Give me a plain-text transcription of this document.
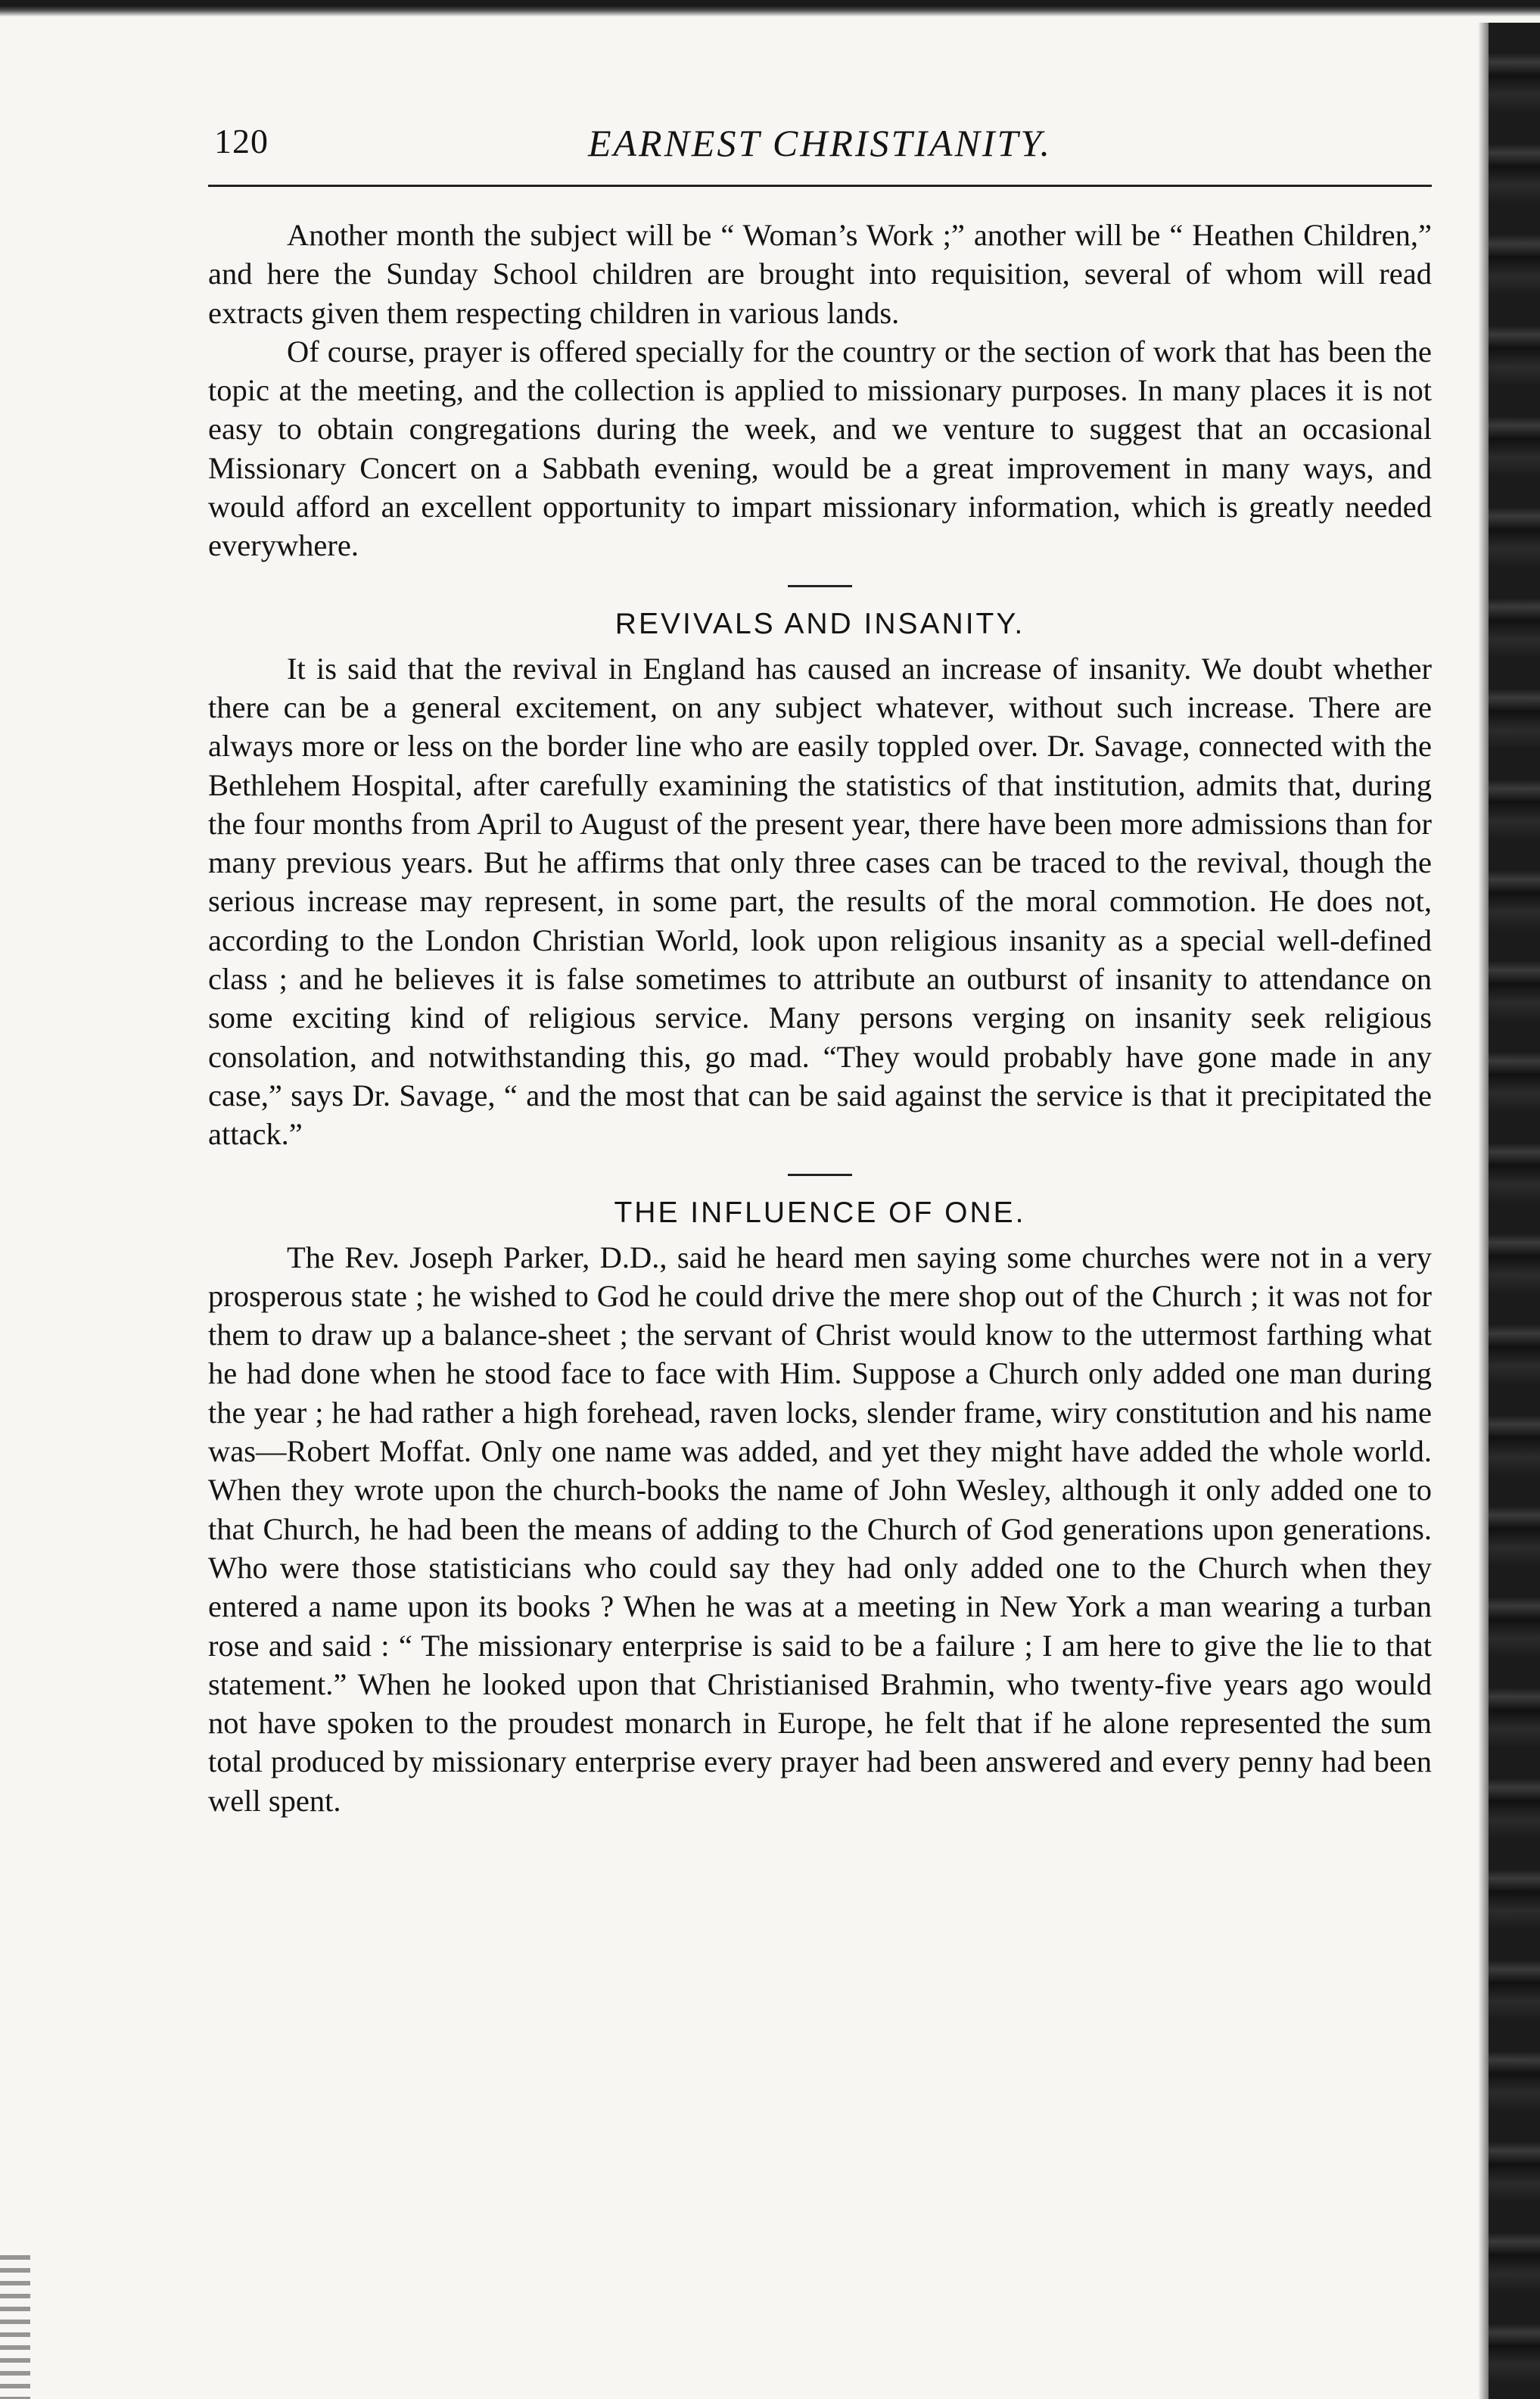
120	EARNEST CHRISTIANITY.

Another month the subject will be “ Woman’s Work ;” another will be “ Heathen Children,” and here the Sunday School children are brought into requisition, several of whom will read extracts given them respecting children in various lands.

Of course, prayer is offered specially for the country or the section of work that has been the topic at the meeting, and the collection is applied to missionary purposes. In many places it is not easy to obtain congregations during the week, and we venture to suggest that an occasional Missionary Concert on a Sabbath evening, would be a great improvement in many ways, and would afford an excellent opportunity to impart missionary information, which is greatly needed everywhere.

REVIVALS AND INSANITY.

It is said that the revival in England has caused an increase of insanity. We doubt whether there can be a general excitement, on any subject whatever, without such increase. There are always more or less on the border line who are easily toppled over. Dr. Savage, connected with the Bethlehem Hospital, after carefully examining the statistics of that institution, admits that, during the four months from April to August of the present year, there have been more admissions than for many previous years. But he affirms that only three cases can be traced to the revival, though the serious increase may represent, in some part, the results of the moral commotion. He does not, according to the London Christian World, look upon religious insanity as a special well-defined class ; and he believes it is false sometimes to attribute an outburst of insanity to attendance on some exciting kind of religious service. Many persons verging on insanity seek religious consolation, and notwithstanding this, go mad. “They would probably have gone made in any case,” says Dr. Savage, “ and the most that can be said against the service is that it precipitated the attack.”

THE INFLUENCE OF ONE.

The Rev. Joseph Parker, D.D., said he heard men saying some churches were not in a very prosperous state ; he wished to God he could drive the mere shop out of the Church ; it was not for them to draw up a balance-sheet ; the servant of Christ would know to the uttermost farthing what he had done when he stood face to face with Him. Suppose a Church only added one man during the year ; he had rather a high forehead, raven locks, slender frame, wiry constitution and his name was—Robert Moffat. Only one name was added, and yet they might have added the whole world. When they wrote upon the church-books the name of John Wesley, although it only added one to that Church, he had been the means of adding to the Church of God generations upon generations. Who were those statisticians who could say they had only added one to the Church when they entered a name upon its books ? When he was at a meeting in New York a man wearing a turban rose and said : “ The missionary enterprise is said to be a failure ; I am here to give the lie to that statement.” When he looked upon that Christianised Brahmin, who twenty-five years ago would not have spoken to the proudest monarch in Europe, he felt that if he alone represented the sum total produced by missionary enterprise every prayer had been answered and every penny had been well spent.
